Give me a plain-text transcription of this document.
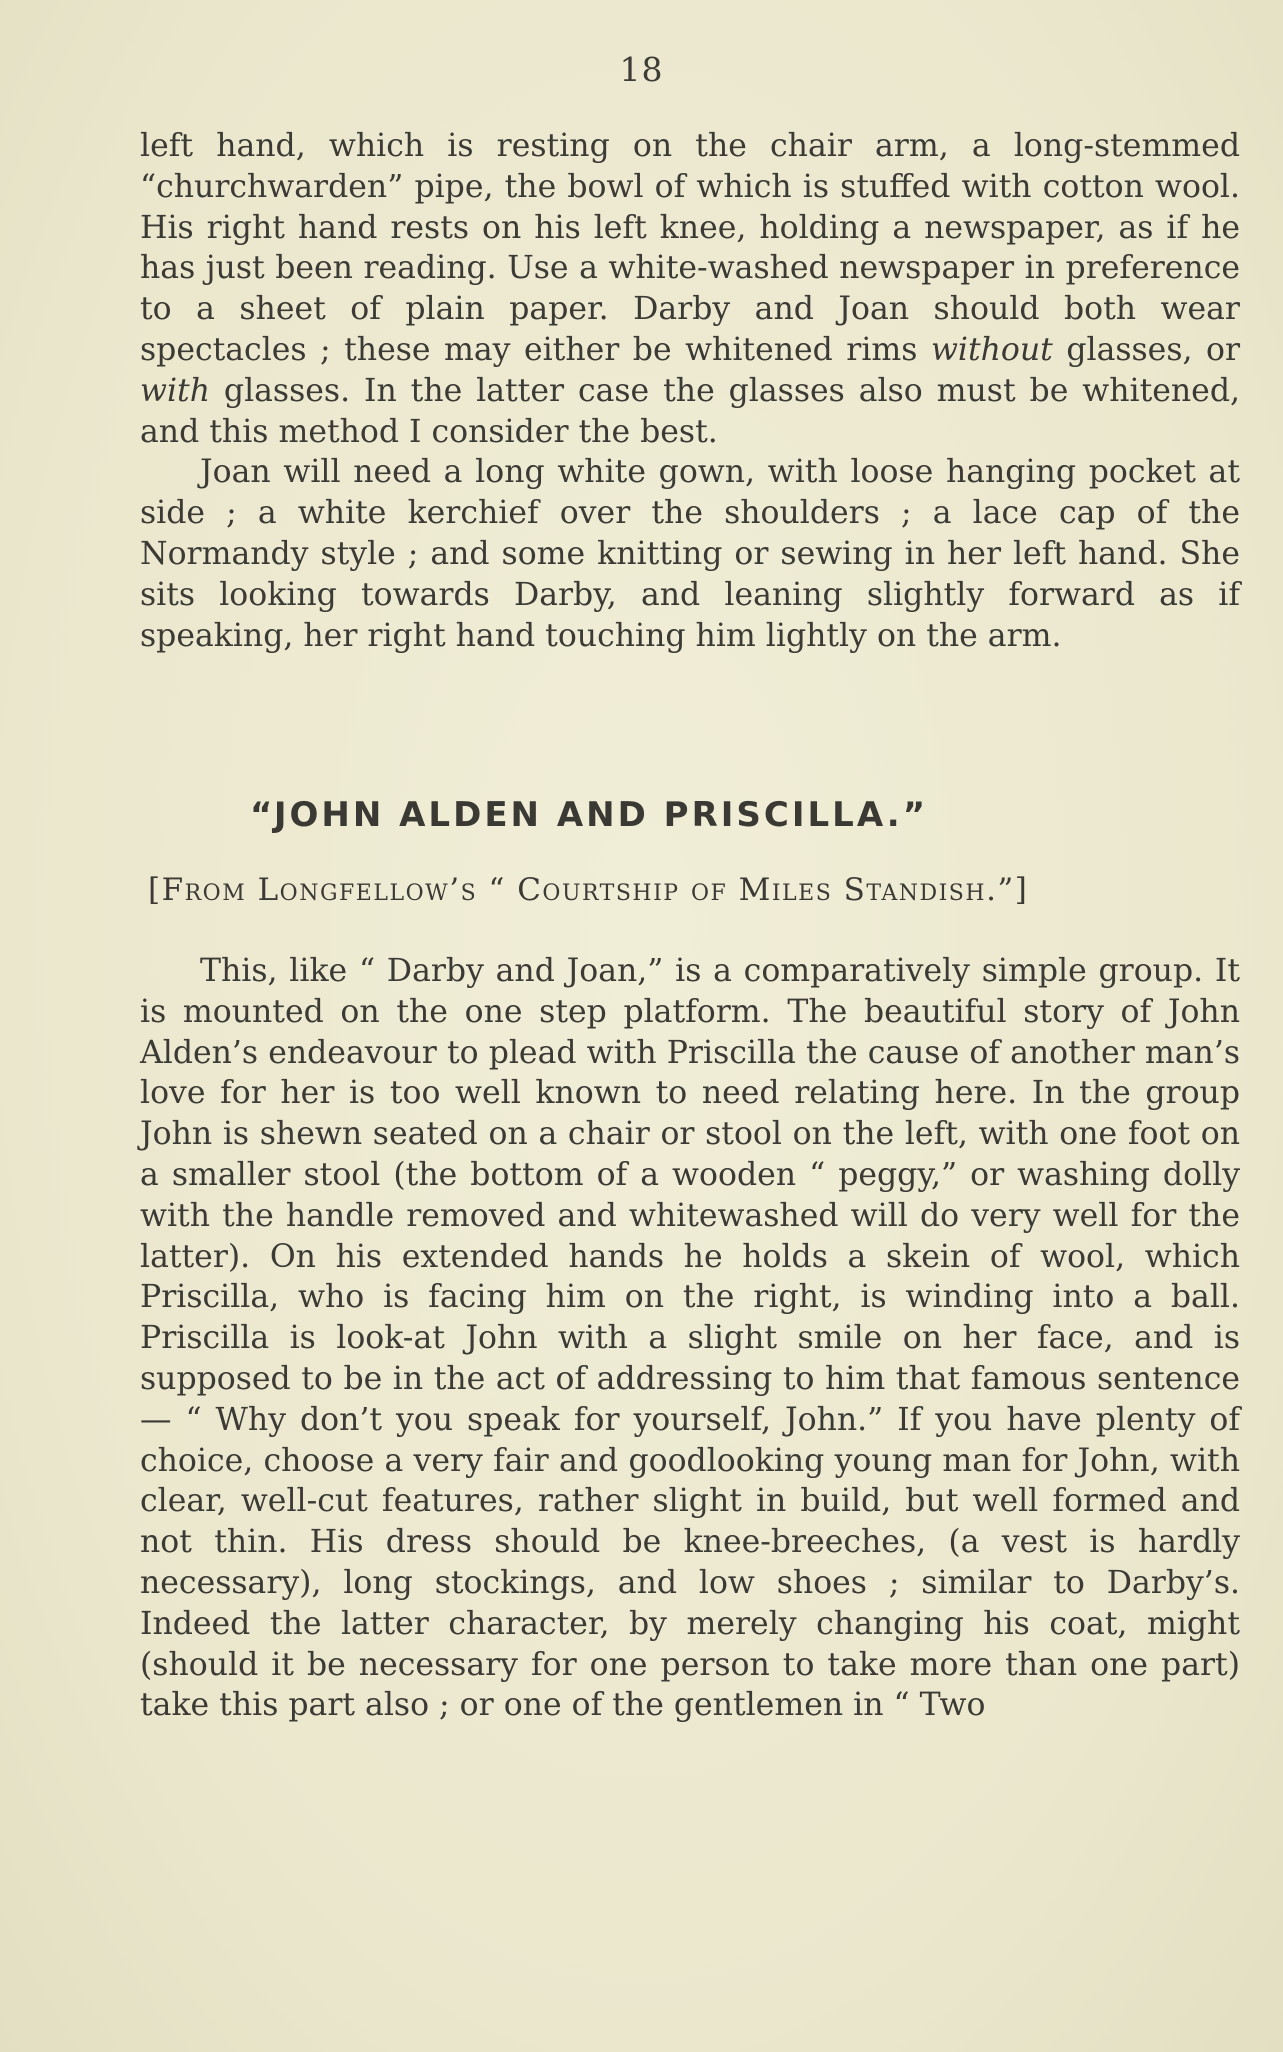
18

left hand, which is resting on the chair arm, a long-stemmed “churchwarden” pipe, the bowl of which is stuffed with cotton wool. His right hand rests on his left knee, holding a newspaper, as if he has just been reading. Use a white-washed newspaper in preference to a sheet of plain paper. Darby and Joan should both wear spectacles ; these may either be whitened rims without glasses, or with glasses. In the latter case the glasses also must be whitened, and this method I consider the best.

Joan will need a long white gown, with loose hanging pocket at side ; a white kerchief over the shoulders ; a lace cap of the Normandy style ; and some knitting or sewing in her left hand. She sits looking towards Darby, and leaning slightly forward as if speaking, her right hand touching him lightly on the arm.

“JOHN ALDEN AND PRISCILLA.”
[From Longfellow’s “ Courtship of Miles Standish.”]

This, like “ Darby and Joan,” is a comparatively simple group. It is mounted on the one step platform. The beautiful story of John Alden’s endeavour to plead with Priscilla the cause of another man’s love for her is too well known to need relating here. In the group John is shewn seated on a chair or stool on the left, with one foot on a smaller stool (the bottom of a wooden “ peggy,” or washing dolly with the handle removed and whitewashed will do very well for the latter). On his extended hands he holds a skein of wool, which Priscilla, who is facing him on the right, is winding into a ball. Priscilla is look-at John with a slight smile on her face, and is supposed to be in the act of addressing to him that famous sentence— “ Why don’t you speak for yourself, John.” If you have plenty of choice, choose a very fair and goodlooking young man for John, with clear, well-cut features, rather slight in build, but well formed and not thin. His dress should be knee-breeches, (a vest is hardly necessary), long stockings, and low shoes ; similar to Darby’s. Indeed the latter character, by merely changing his coat, might (should it be necessary for one person to take more than one part) take this part also ; or one of the gentlemen in “ Two
